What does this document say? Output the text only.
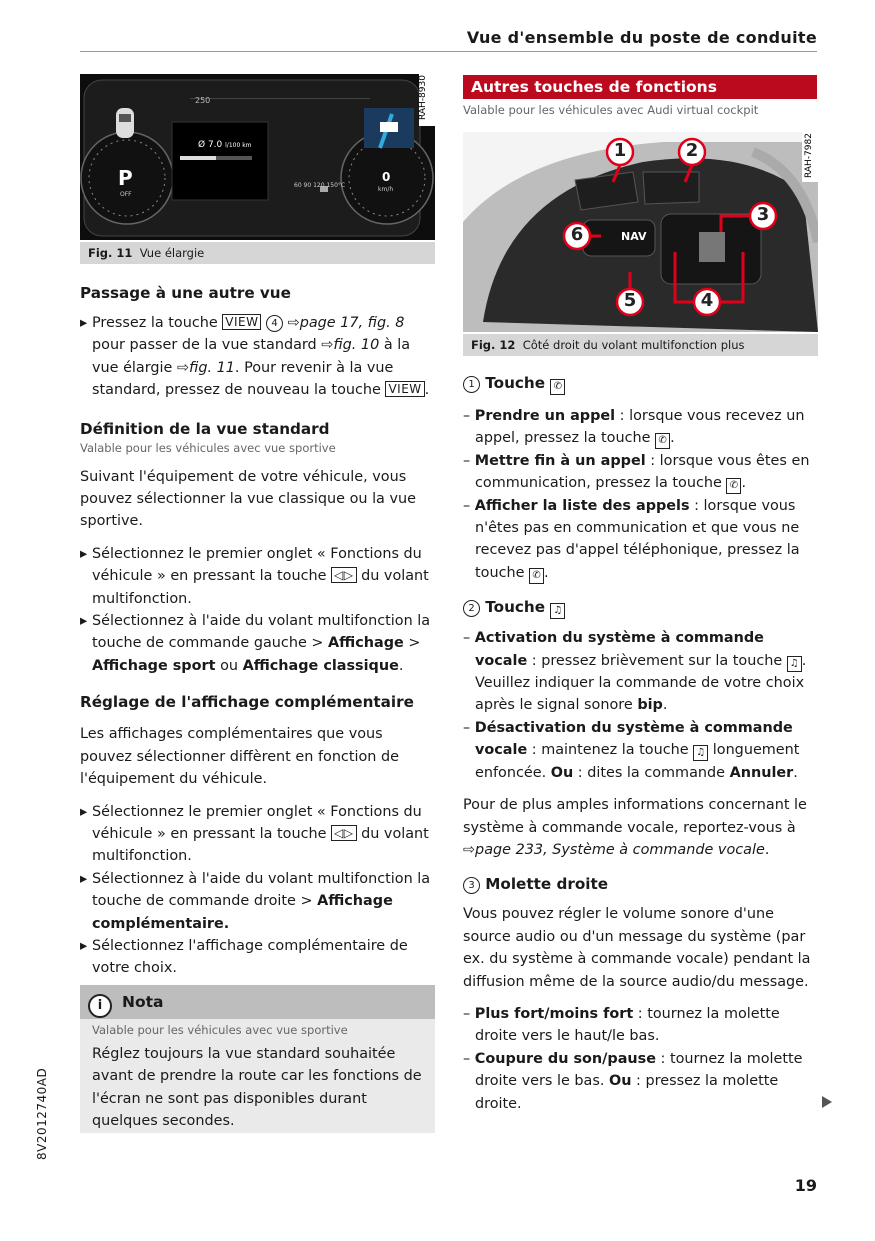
Vue d'ensemble du poste de conduite
RAH-8930
250
Ø 7.0 l/100 km
P
OFF
0
km/h
60 90 120 150°C
Fig. 11 Vue élargie
Passage à une autre vue

▸ Pressez la touche VIEW 4 ⇨page 17, fig. 8 pour passer de la vue standard ⇨fig. 10 à la vue élargie ⇨fig. 11. Pour revenir à la vue standard, pressez de nouveau la touche VIEW .

Définition de la vue standard
Valable pour les véhicules avec vue sportive

Suivant l'équipement de votre véhicule, vous pouvez sélectionner la vue classique ou la vue sportive.

▸ Sélectionnez le premier onglet « Fonctions du véhicule » en pressant la touche ◁▷ du volant multifonction.

▸ Sélectionnez à l'aide du volant multifonction la touche de commande gauche > Affichage > Affichage sport ou Affichage classique.

Réglage de l'affichage complémentaire

Les affichages complémentaires que vous pouvez sélectionner diffèrent en fonction de l'équipement du véhicule.

▸ Sélectionnez le premier onglet « Fonctions du véhicule » en pressant la touche ◁▷ du volant multifonction.

▸ Sélectionnez à l'aide du volant multifonction la touche de commande droite > Affichage complémentaire.

▸ Sélectionnez l'affichage complémentaire de votre choix.

i Nota
Valable pour les véhicules avec vue sportive
Réglez toujours la vue standard souhaitée avant de prendre la route car les fonctions de l'écran ne sont pas disponibles durant quelques secondes.
Autres touches de fonctions
Valable pour les véhicules avec Audi virtual cockpit
1	2
3
4
5
6	NAV
RAH-7982
Fig. 12 Côté droit du volant multifonction plus
1 Touche ✆

– Prendre un appel : lorsque vous recevez un appel, pressez la touche ✆ .

– Mettre fin à un appel : lorsque vous êtes en communication, pressez la touche ✆ .

– Afficher la liste des appels : lorsque vous n'êtes pas en communication et que vous ne recevez pas d'appel téléphonique, pressez la touche ✆ .

2 Touche ♫

– Activation du système à commande vocale : pressez brièvement sur la touche ♫ . Veuillez indiquer la commande de votre choix après le signal sonore bip.

– Désactivation du système à commande vocale : maintenez la touche ♫ longuement enfoncée. Ou : dites la commande Annuler.

Pour de plus amples informations concernant le système à commande vocale, reportez-vous à ⇨page 233, Système à commande vocale.

3 Molette droite

Vous pouvez régler le volume sonore d'une source audio ou d'un message du système (par ex. du système à commande vocale) pendant la diffusion même de la source audio/du message.

– Plus fort/moins fort : tournez la molette droite vers le haut/le bas.

– Coupure du son/pause : tournez la molette droite vers le bas. Ou : pressez la molette droite.

8V2012740AD
19
